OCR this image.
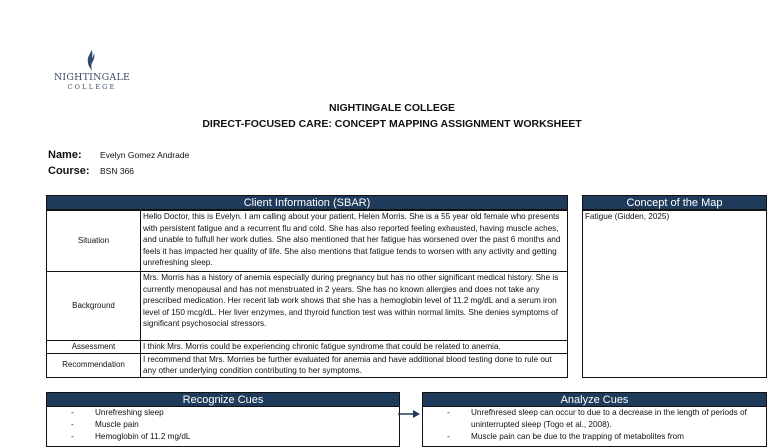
NIGHTINGALE
COLLEGE
NIGHTINGALE COLLEGE
DIRECT-FOCUSED CARE: CONCEPT MAPPING ASSIGNMENT WORKSHEET
Name: Evelyn Gomez Andrade
Course: BSN 366
Client Information (SBAR)
Situation	Hello Doctor, this is Evelyn. I am calling about your patient, Helen Morris. She is a 55 year old female who presents with persistent fatigue and a recurrent flu and cold. She has also reported feeling exhausted, having muscle aches, and unable to fulfull her work duties. She also mentioned that her fatigue has worsened over the past 6 months and feels it has impacted her quality of life. She also mentions that fatigue tends to worsen with any activity and getting unrefreshing sleep.
Background	Mrs. Morris has a history of anemia especially during pregnancy but has no other significant medical history. She is currently menopausal and has not menstruated in 2 years. She has no known allergies and does not take any prescribed medication. Her recent lab work shows that she has a hemoglobin level of 11.2 mg/dL and a serum iron level of 150 mcg/dL. Her liver enzymes, and thyroid function test was within normal limits. She denies symptoms of significant psychosocial stressors.
Assessment	I think Mrs. Morris could be experiencing chronic fatigue syndrome that could be related to anemia.
Recommendation	I recommend that Mrs. Morries be further evaluated for anemia and have additional blood testing done to rule out any other underlying condition contributing to her symptoms.
Concept of the Map
Fatigue (Gidden, 2025)
Recognize Cues
-	Unrefreshing sleep
-	Muscle pain
-	Hemoglobin of 11.2 mg/dL
Analyze Cues
-	Unrefhresed sleep can occur to due to a decrease in the length of periods of uninterrupted sleep (Togo et al., 2008).
-	Muscle pain can be due to the trapping of metabolites from
